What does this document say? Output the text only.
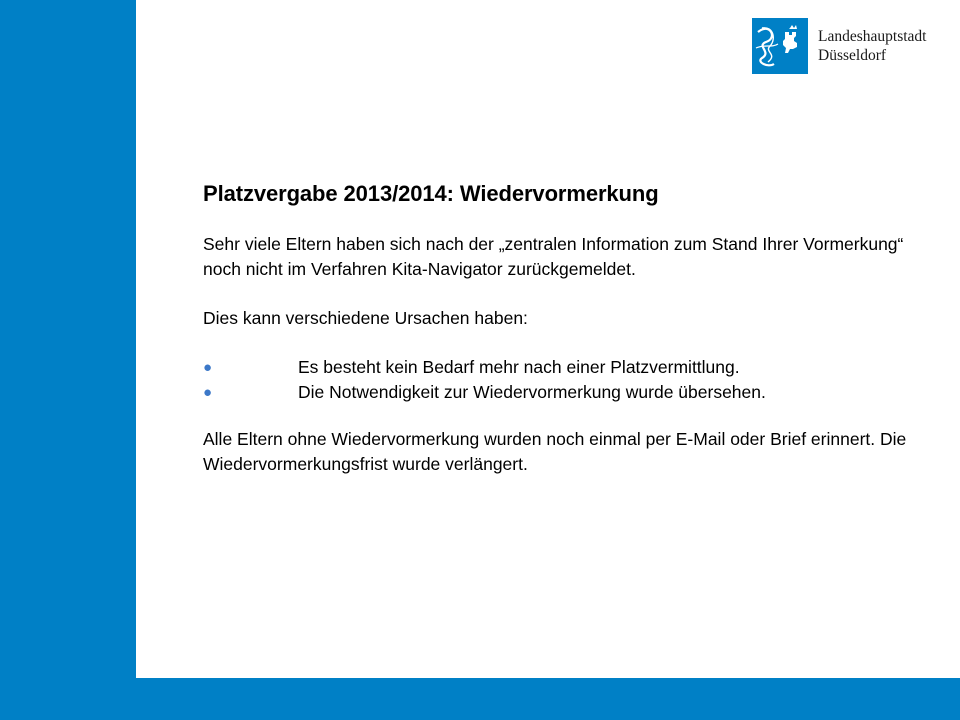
Landeshauptstadt
Düsseldorf
Platzvergabe 2013/2014: Wiedervormerkung

Sehr viele Eltern haben sich nach der „zentralen Information zum Stand Ihrer Vormerkung“ noch nicht im Verfahren Kita-Navigator zurückgemeldet.

Dies kann verschiedene Ursachen haben:

●	Es besteht kein Bedarf mehr nach einer Platzvermittlung.
●	Die Notwendigkeit zur Wiedervormerkung wurde übersehen.

Alle Eltern ohne Wiedervormerkung wurden noch einmal per E-Mail oder Brief erinnert. Die Wiedervormerkungsfrist wurde verlängert.
